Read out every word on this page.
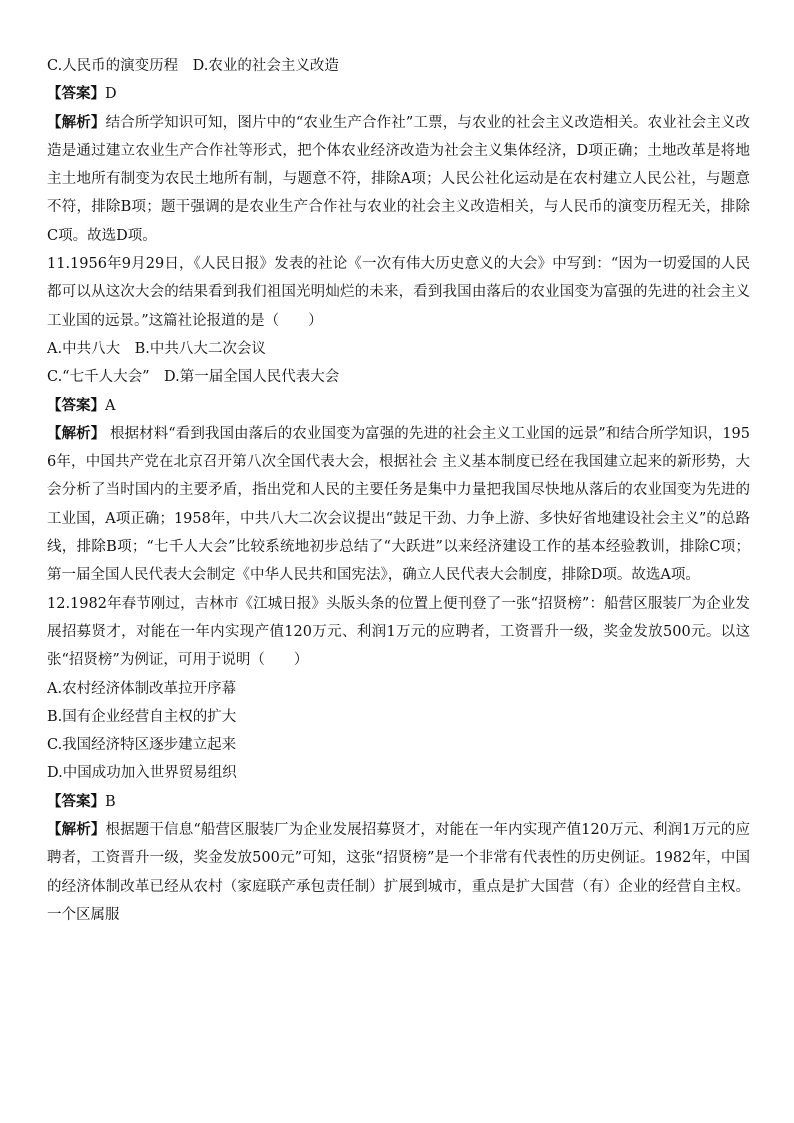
C.人民币的演变历程　D.农业的社会主义改造
【答案】D
【解析】结合所学知识可知，图片中的“农业生产合作社”工票，与农业的社会主义改造相关。农业社会主义改造是通过建立农业生产合作社等形式，把个体农业经济改造为社会主义集体经济，D项正确；土地改革是将地主土地所有制变为农民土地所有制，与题意不符，排除A项；人民公社化运动是在农村建立人民公社，与题意不符，排除B项；题干强调的是农业生产合作社与农业的社会主义改造相关，与人民币的演变历程无关，排除C项。故选D项。
11.1956年9月29日，《人民日报》发表的社论《一次有伟大历史意义的大会》中写到：“因为一切爱国的人民都可以从这次大会的结果看到我们祖国光明灿烂的未来，看到我国由落后的农业国变为富强的先进的社会主义工业国的远景。”这篇社论报道的是（　　）
A.中共八大　B.中共八大二次会议
C.“七千人大会”　D.第一届全国人民代表大会
【答案】A
【解析】 根据材料“看到我国由落后的农业国变为富强的先进的社会主义工业国的远景”和结合所学知识，1956年，中国共产党在北京召开第八次全国代表大会，根据社会 主义基本制度已经在我国建立起来的新形势，大会分析了当时国内的主要矛盾，指出党和人民的主要任务是集中力量把我国尽快地从落后的农业国变为先进的工业国，A项正确；1958年，中共八大二次会议提出“鼓足干劲、力争上游、多快好省地建设社会主义”的总路线，排除B项；“七千人大会”比较系统地初步总结了“大跃进”以来经济建设工作的基本经验教训，排除C项；第一届全国人民代表大会制定《中华人民共和国宪法》，确立人民代表大会制度，排除D项。故选A项。
12.1982年春节刚过，吉林市《江城日报》头版头条的位置上便刊登了一张“招贤榜”：船营区服装厂为企业发展招募贤才，对能在一年内实现产值120万元、利润1万元的应聘者，工资晋升一级，奖金发放500元。以这张“招贤榜”为例证，可用于说明（　　）
A.农村经济体制改革拉开序幕
B.国有企业经营自主权的扩大
C.我国经济特区逐步建立起来
D.中国成功加入世界贸易组织
【答案】B
【解析】根据题干信息“船营区服装厂为企业发展招募贤才，对能在一年内实现产值120万元、利润1万元的应聘者，工资晋升一级，奖金发放500元”可知，这张“招贤榜”是一个非常有代表性的历史例证。1982年，中国的经济体制改革已经从农村（家庭联产承包责任制）扩展到城市，重点是扩大国营（有）企业的经营自主权。一个区属服
